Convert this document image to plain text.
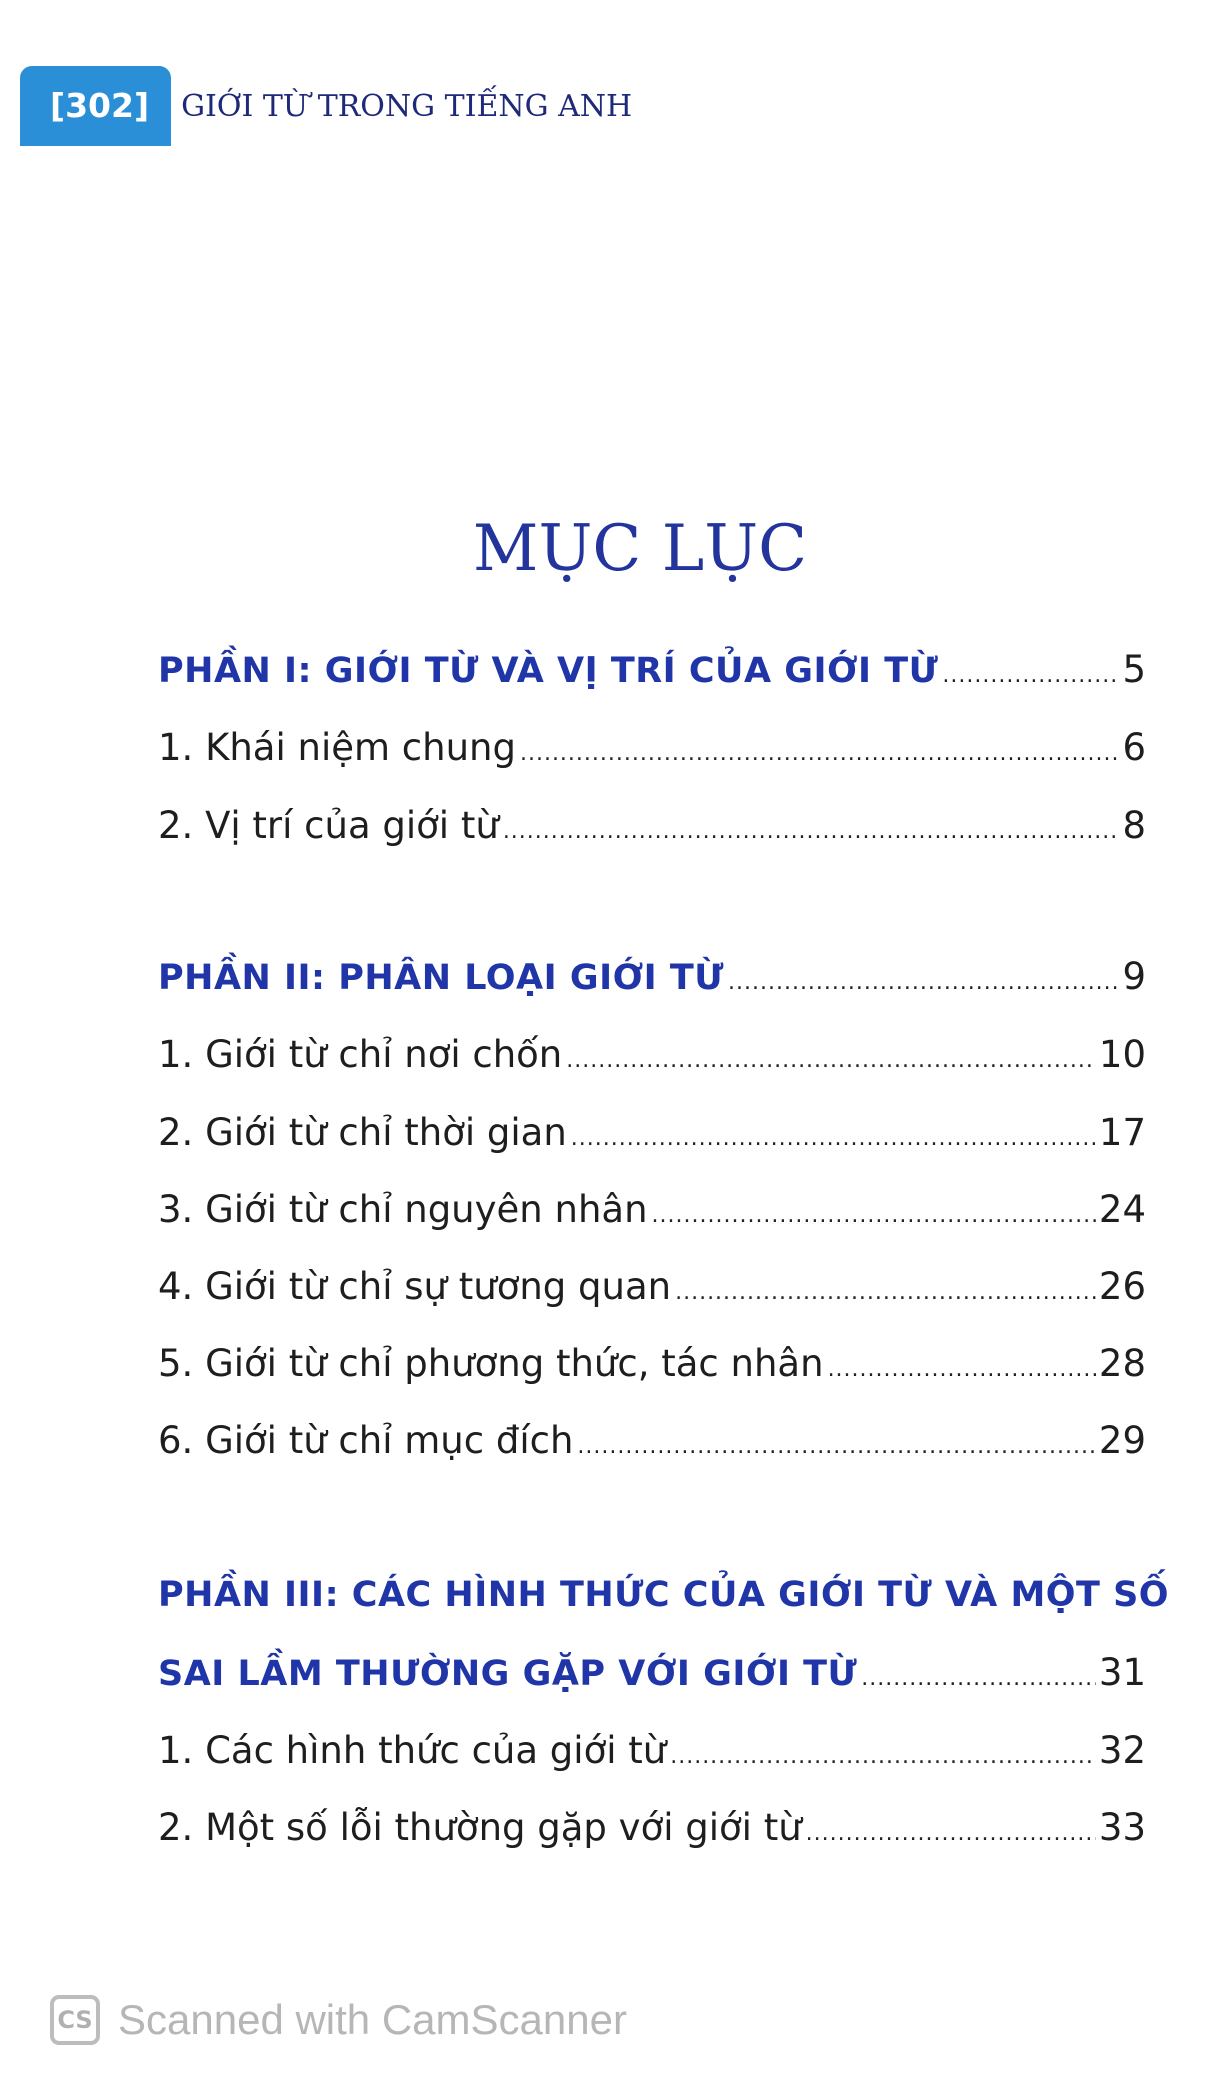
[302]	GIỚI TỪ TRONG TIẾNG ANH
MỤC LỤC
PHẦN I: GIỚI TỪ VÀ VỊ TRÍ CỦA GIỚI TỪ .....	5
1. Khái niệm chung .....	6
2. Vị trí của giới từ .....	8
PHẦN II: PHÂN LOẠI GIỚI TỪ .....	9
1. Giới từ chỉ nơi chốn .....	10
2. Giới từ chỉ thời gian .....	17
3. Giới từ chỉ nguyên nhân .....	24
4. Giới từ chỉ sự tương quan .....	26
5. Giới từ chỉ phương thức, tác nhân .....	28
6. Giới từ chỉ mục đích .....	29
PHẦN III: CÁC HÌNH THỨC CỦA GIỚI TỪ VÀ MỘT SỐ
SAI LẦM THƯỜNG GẶP VỚI GIỚI TỪ .....	31
1. Các hình thức của giới từ .....	32
2. Một số lỗi thường gặp với giới từ .....	33
CS Scanned with CamScanner
